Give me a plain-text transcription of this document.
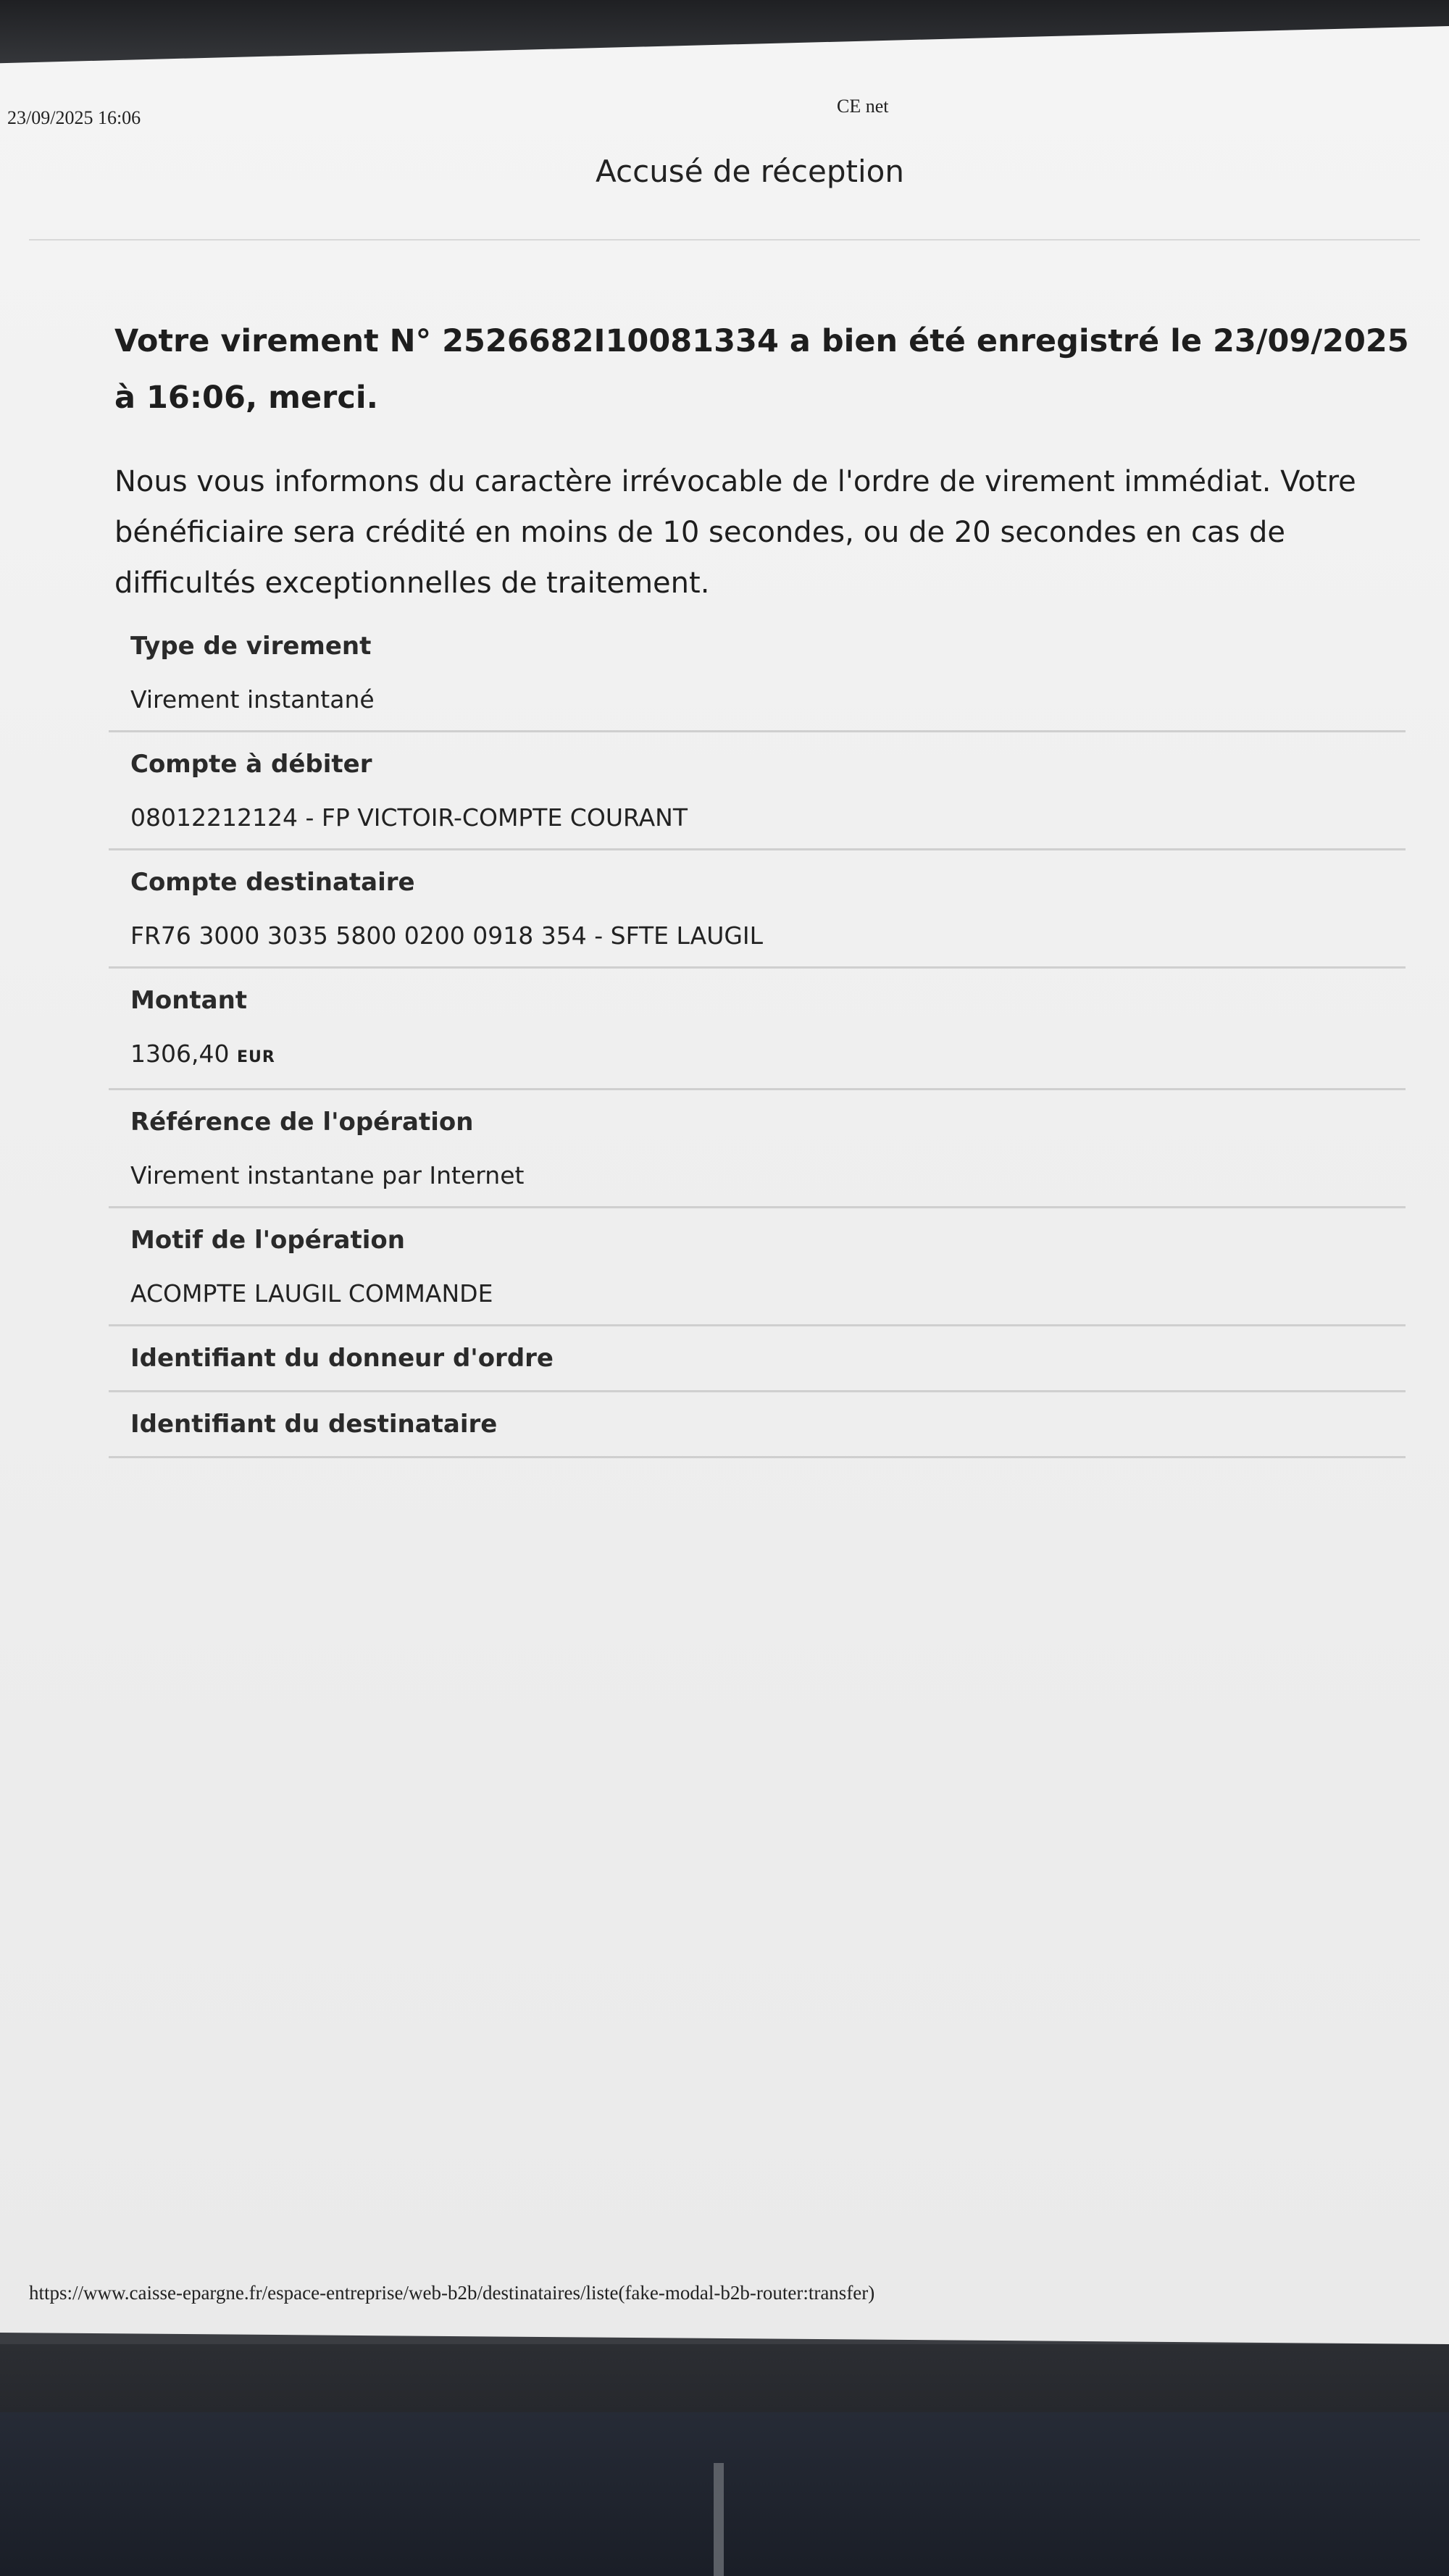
23/09/2025 16:06
CE net
Accusé de réception

Votre virement N° 2526682I10081334 a bien été enregistré le 23/09/2025 à 16:06, merci.

Nous vous informons du caractère irrévocable de l'ordre de virement immédiat. Votre bénéficiaire sera crédité en moins de 10 secondes, ou de 20 secondes en cas de difficultés exceptionnelles de traitement.

Type de virement
Virement instantané
Compte à débiter
08012212124 - FP VICTOIR-COMPTE COURANT
Compte destinataire
FR76 3000 3035 5800 0200 0918 354 - SFTE LAUGIL
Montant
1306,40 EUR
Référence de l'opération
Virement instantane par Internet
Motif de l'opération
ACOMPTE LAUGIL COMMANDE
Identifiant du donneur d'ordre
Identifiant du destinataire
https://www.caisse-epargne.fr/espace-entreprise/web-b2b/destinataires/liste(fake-modal-b2b-router:transfer)
